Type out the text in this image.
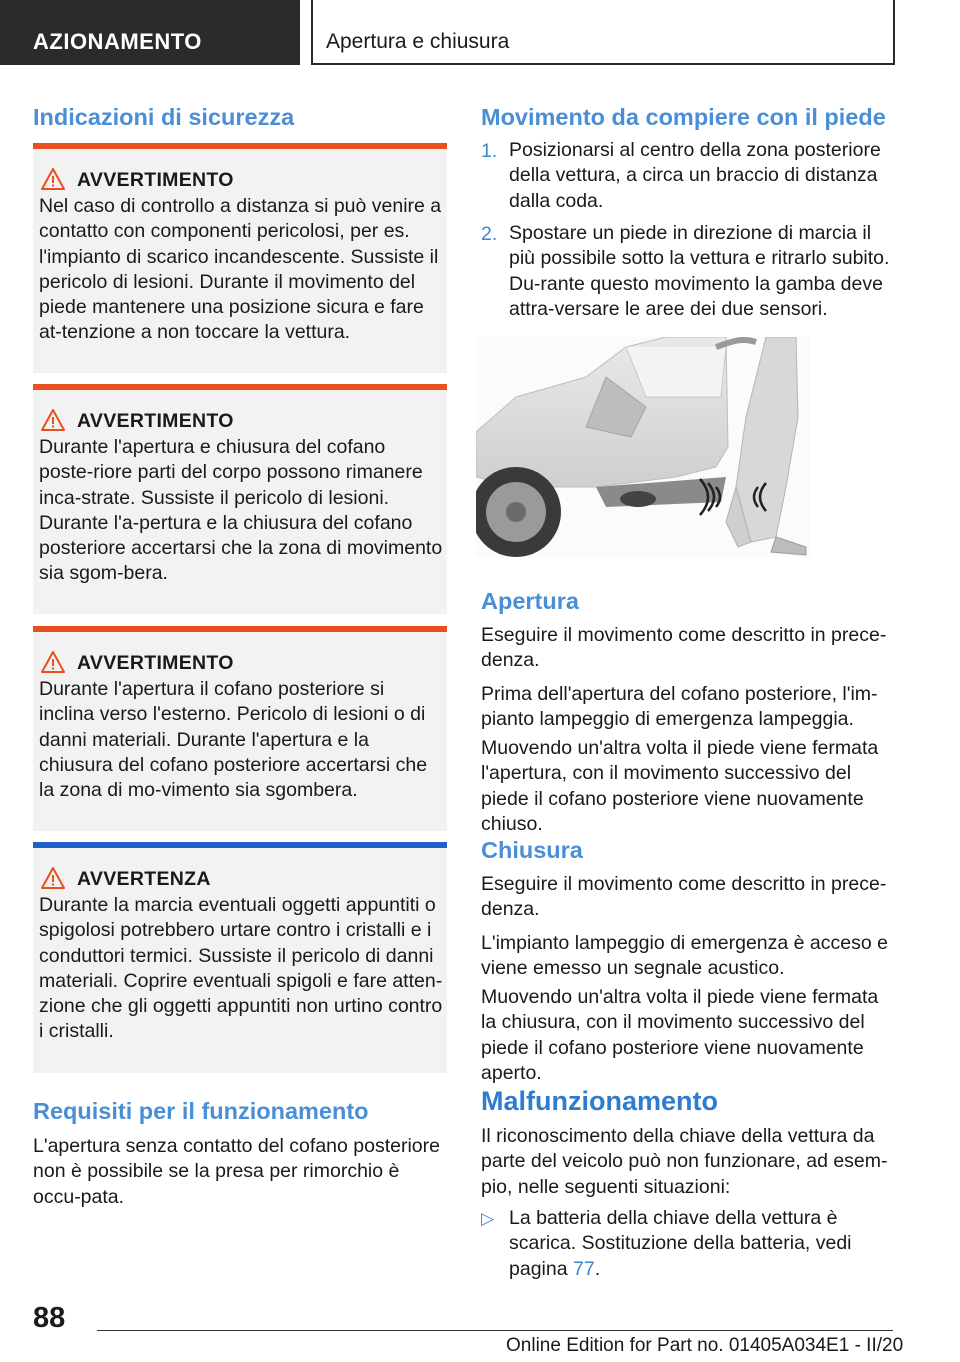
AZIONAMENTO	Apertura e chiusura
Indicazioni di sicurezza
AVVERTIMENTO
Nel caso di controllo a distanza si può venire a contatto con componenti pericolosi, per es. l'impianto di scarico incandescente. Sussiste il pericolo di lesioni. Durante il movimento del piede mantenere una posizione sicura e fare at-tenzione a non toccare la vettura.
AVVERTIMENTO
Durante l'apertura e chiusura del cofano poste-riore parti del corpo possono rimanere inca-strate. Sussiste il pericolo di lesioni. Durante l'a-pertura e la chiusura del cofano posteriore accertarsi che la zona di movimento sia sgom-bera.
AVVERTIMENTO
Durante l'apertura il cofano posteriore si inclina verso l'esterno. Pericolo di lesioni o di danni materiali. Durante l'apertura e la chiusura del cofano posteriore accertarsi che la zona di mo-vimento sia sgombera.
AVVERTENZA
Durante la marcia eventuali oggetti appuntiti o spigolosi potrebbero urtare contro i cristalli e i conduttori termici. Sussiste il pericolo di danni materiali. Coprire eventuali spigoli e fare atten-zione che gli oggetti appuntiti non urtino contro i cristalli.
Requisiti per il funzionamento

L'apertura senza contatto del cofano posteriore non è possibile se la presa per rimorchio è occu-pata.

Movimento da compiere con il piede
1. Posizionarsi al centro della zona posteriore della vettura, a circa un braccio di distanza dalla coda.
2. Spostare un piede in direzione di marcia il più possibile sotto la vettura e ritrarlo subito. Du-rante questo movimento la gamba deve attra-versare le aree dei due sensori.
Apertura

Eseguire il movimento come descritto in prece-denza.

Prima dell'apertura del cofano posteriore, l'im-pianto lampeggio di emergenza lampeggia.

Muovendo un'altra volta il piede viene fermata l'apertura, con il movimento successivo del piede il cofano posteriore viene nuovamente chiuso.

Chiusura

Eseguire il movimento come descritto in prece-denza.

L'impianto lampeggio di emergenza è acceso e viene emesso un segnale acustico.

Muovendo un'altra volta il piede viene fermata la chiusura, con il movimento successivo del piede il cofano posteriore viene nuovamente aperto.

Malfunzionamento

Il riconoscimento della chiave della vettura da parte del veicolo può non funzionare, ad esem-pio, nelle seguenti situazioni:

▷ La batteria della chiave della vettura è scarica. Sostituzione della batteria, vedi pagina 77.
88
Online Edition for Part no. 01405A034E1 - II/20
